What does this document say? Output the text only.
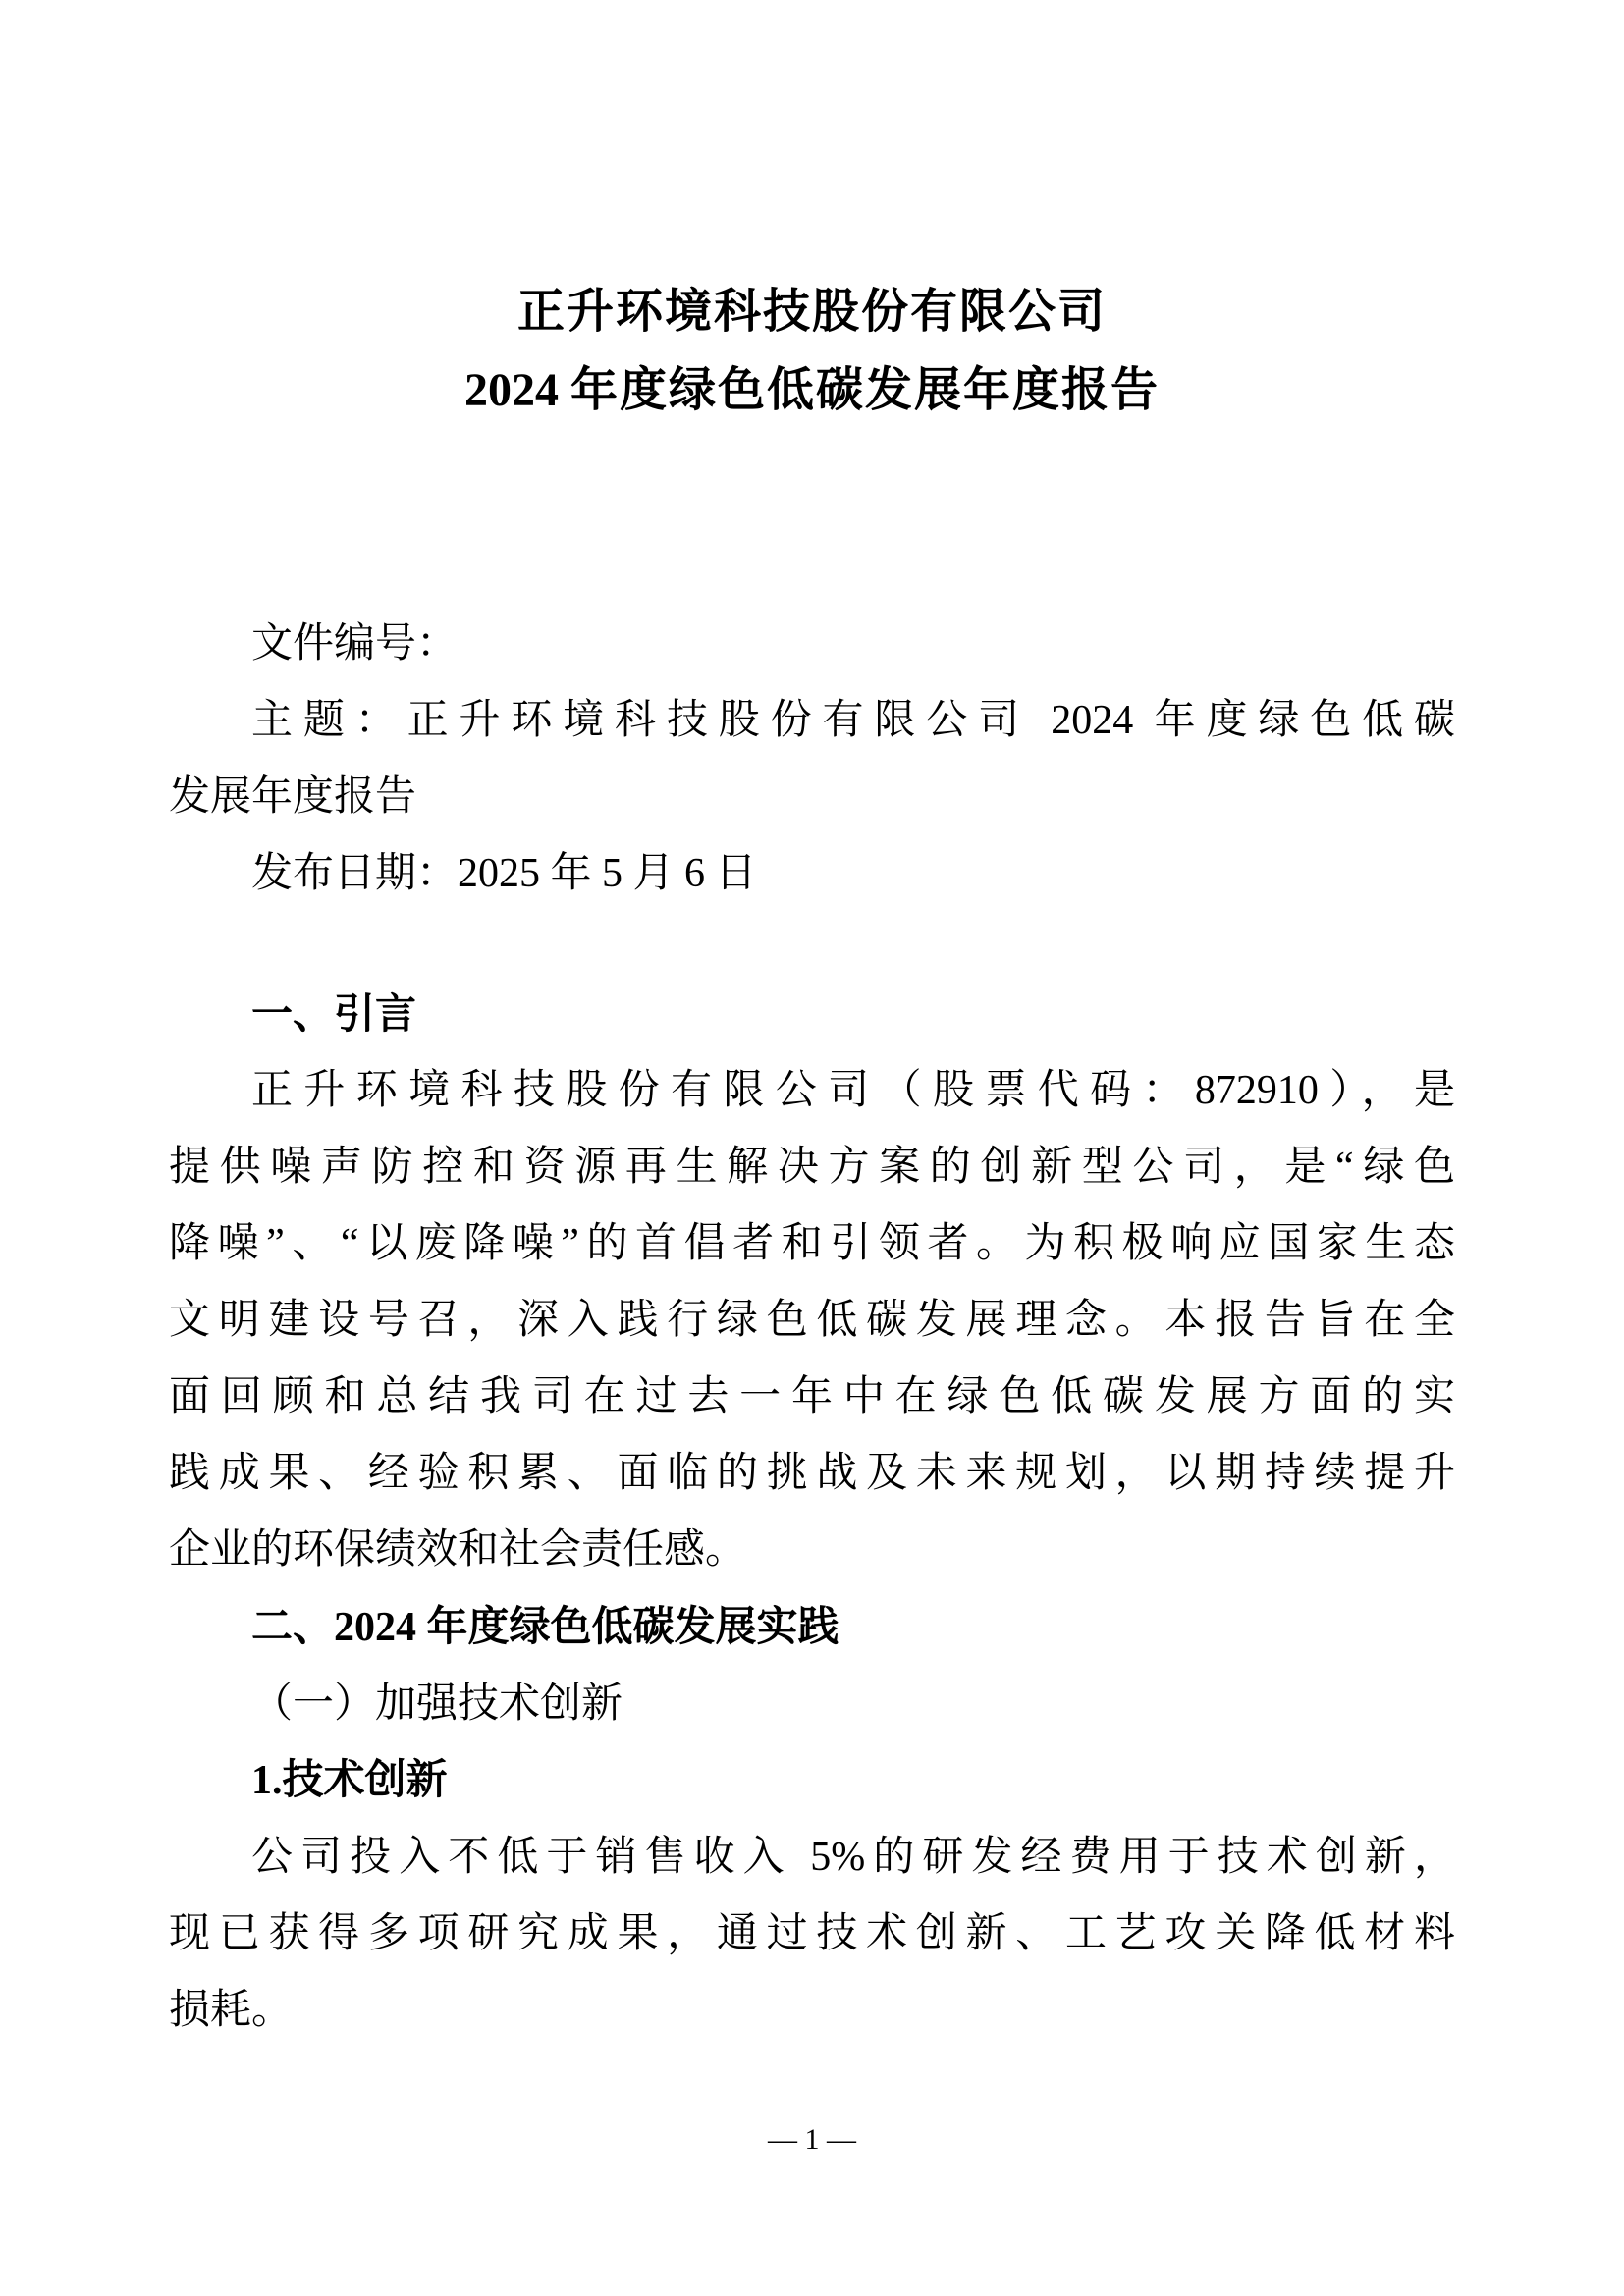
正升环境科技股份有限公司
2024 年度绿色低碳发展年度报告
文件编号：
主题：正升环境科技股份有限公司 2024 年度绿色低碳
发展年度报告
发布日期：2025 年 5 月 6 日
一、引言
正升环境科技股份有限公司（股票代码：872910），是
提供噪声防控和资源再生解决方案的创新型公司，是“绿色
降噪”、“以废降噪”的首倡者和引领者。为积极响应国家生态
文明建设号召，深入践行绿色低碳发展理念。本报告旨在全
面回顾和总结我司在过去一年中在绿色低碳发展方面的实
践成果、经验积累、面临的挑战及未来规划，以期持续提升
企业的环保绩效和社会责任感。
二、2024 年度绿色低碳发展实践
（一）加强技术创新
1.技术创新
公司投入不低于销售收入 5%的研发经费用于技术创新，
现已获得多项研究成果，通过技术创新、工艺攻关降低材料
损耗。
— 1 —
